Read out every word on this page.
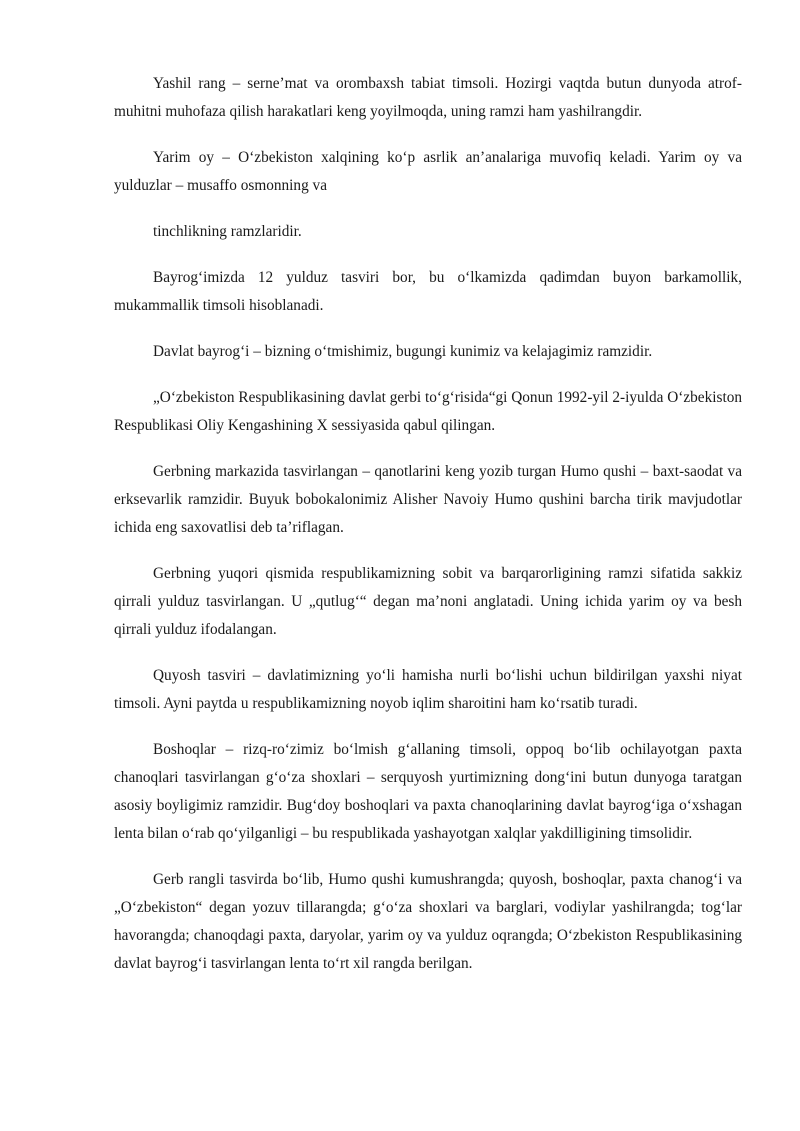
Yashil rang – serne’mat va orombaxsh tabiat timsoli. Hozirgi vaqtda butun dunyoda atrof-muhitni muhofaza qilish harakatlari keng yoyilmoqda, uning ramzi ham yashilrangdir.

Yarim oy – O‘zbekiston xalqining ko‘p asrlik an’analariga muvofiq keladi. Yarim oy va yulduzlar – musaffo osmonning va

tinchlikning ramzlaridir.

Bayrog‘imizda 12 yulduz tasviri bor, bu o‘lkamizda qadimdan buyon barkamollik, mukammallik timsoli hisoblanadi.

Davlat bayrog‘i – bizning o‘tmishimiz, bugungi kunimiz va kelajagimiz ramzidir.

„O‘zbekiston Respublikasining davlat gerbi to‘g‘risida“gi Qonun 1992-yil 2-iyulda O‘zbekiston Respublikasi Oliy Kengashining X sessiyasida qabul qilingan.

Gerbning markazida tasvirlangan – qanotlarini keng yozib turgan Humo qushi – baxt-saodat va erksevarlik ramzidir. Buyuk bobokalonimiz Alisher Navoiy Humo qushini barcha tirik mavjudotlar ichida eng saxovatlisi deb ta’riflagan.

Gerbning yuqori qismida respublikamizning sobit va barqarorligining ramzi sifatida sakkiz qirrali yulduz tasvirlangan. U „qutlug‘“ degan ma’noni anglatadi. Uning ichida yarim oy va besh qirrali yulduz ifodalangan.

Quyosh tasviri – davlatimizning yo‘li hamisha nurli bo‘lishi uchun bildirilgan yaxshi niyat timsoli. Ayni paytda u respublikamizning noyob iqlim sharoitini ham ko‘rsatib turadi.

Boshoqlar – rizq-ro‘zimiz bo‘lmish g‘allaning timsoli, oppoq bo‘lib ochilayotgan paxta chanoqlari tasvirlangan g‘o‘za shoxlari – serquyosh yurtimizning dong‘ini butun dunyoga taratgan asosiy boyligimiz ramzidir. Bug‘doy boshoqlari va paxta chanoqlarining davlat bayrog‘iga o‘xshagan lenta bilan o‘rab qo‘yilganligi – bu respublikada yashayotgan xalqlar yakdilligining timsolidir.

Gerb rangli tasvirda bo‘lib, Humo qushi kumushrangda; quyosh, boshoqlar, paxta chanog‘i va „O‘zbekiston“ degan yozuv tillarangda; g‘o‘za shoxlari va barglari, vodiylar yashilrangda; tog‘lar havorangda; chanoqdagi paxta, daryolar, yarim oy va yulduz oqrangda; O‘zbekiston Respublikasining davlat bayrog‘i tasvirlangan lenta to‘rt xil rangda berilgan.
